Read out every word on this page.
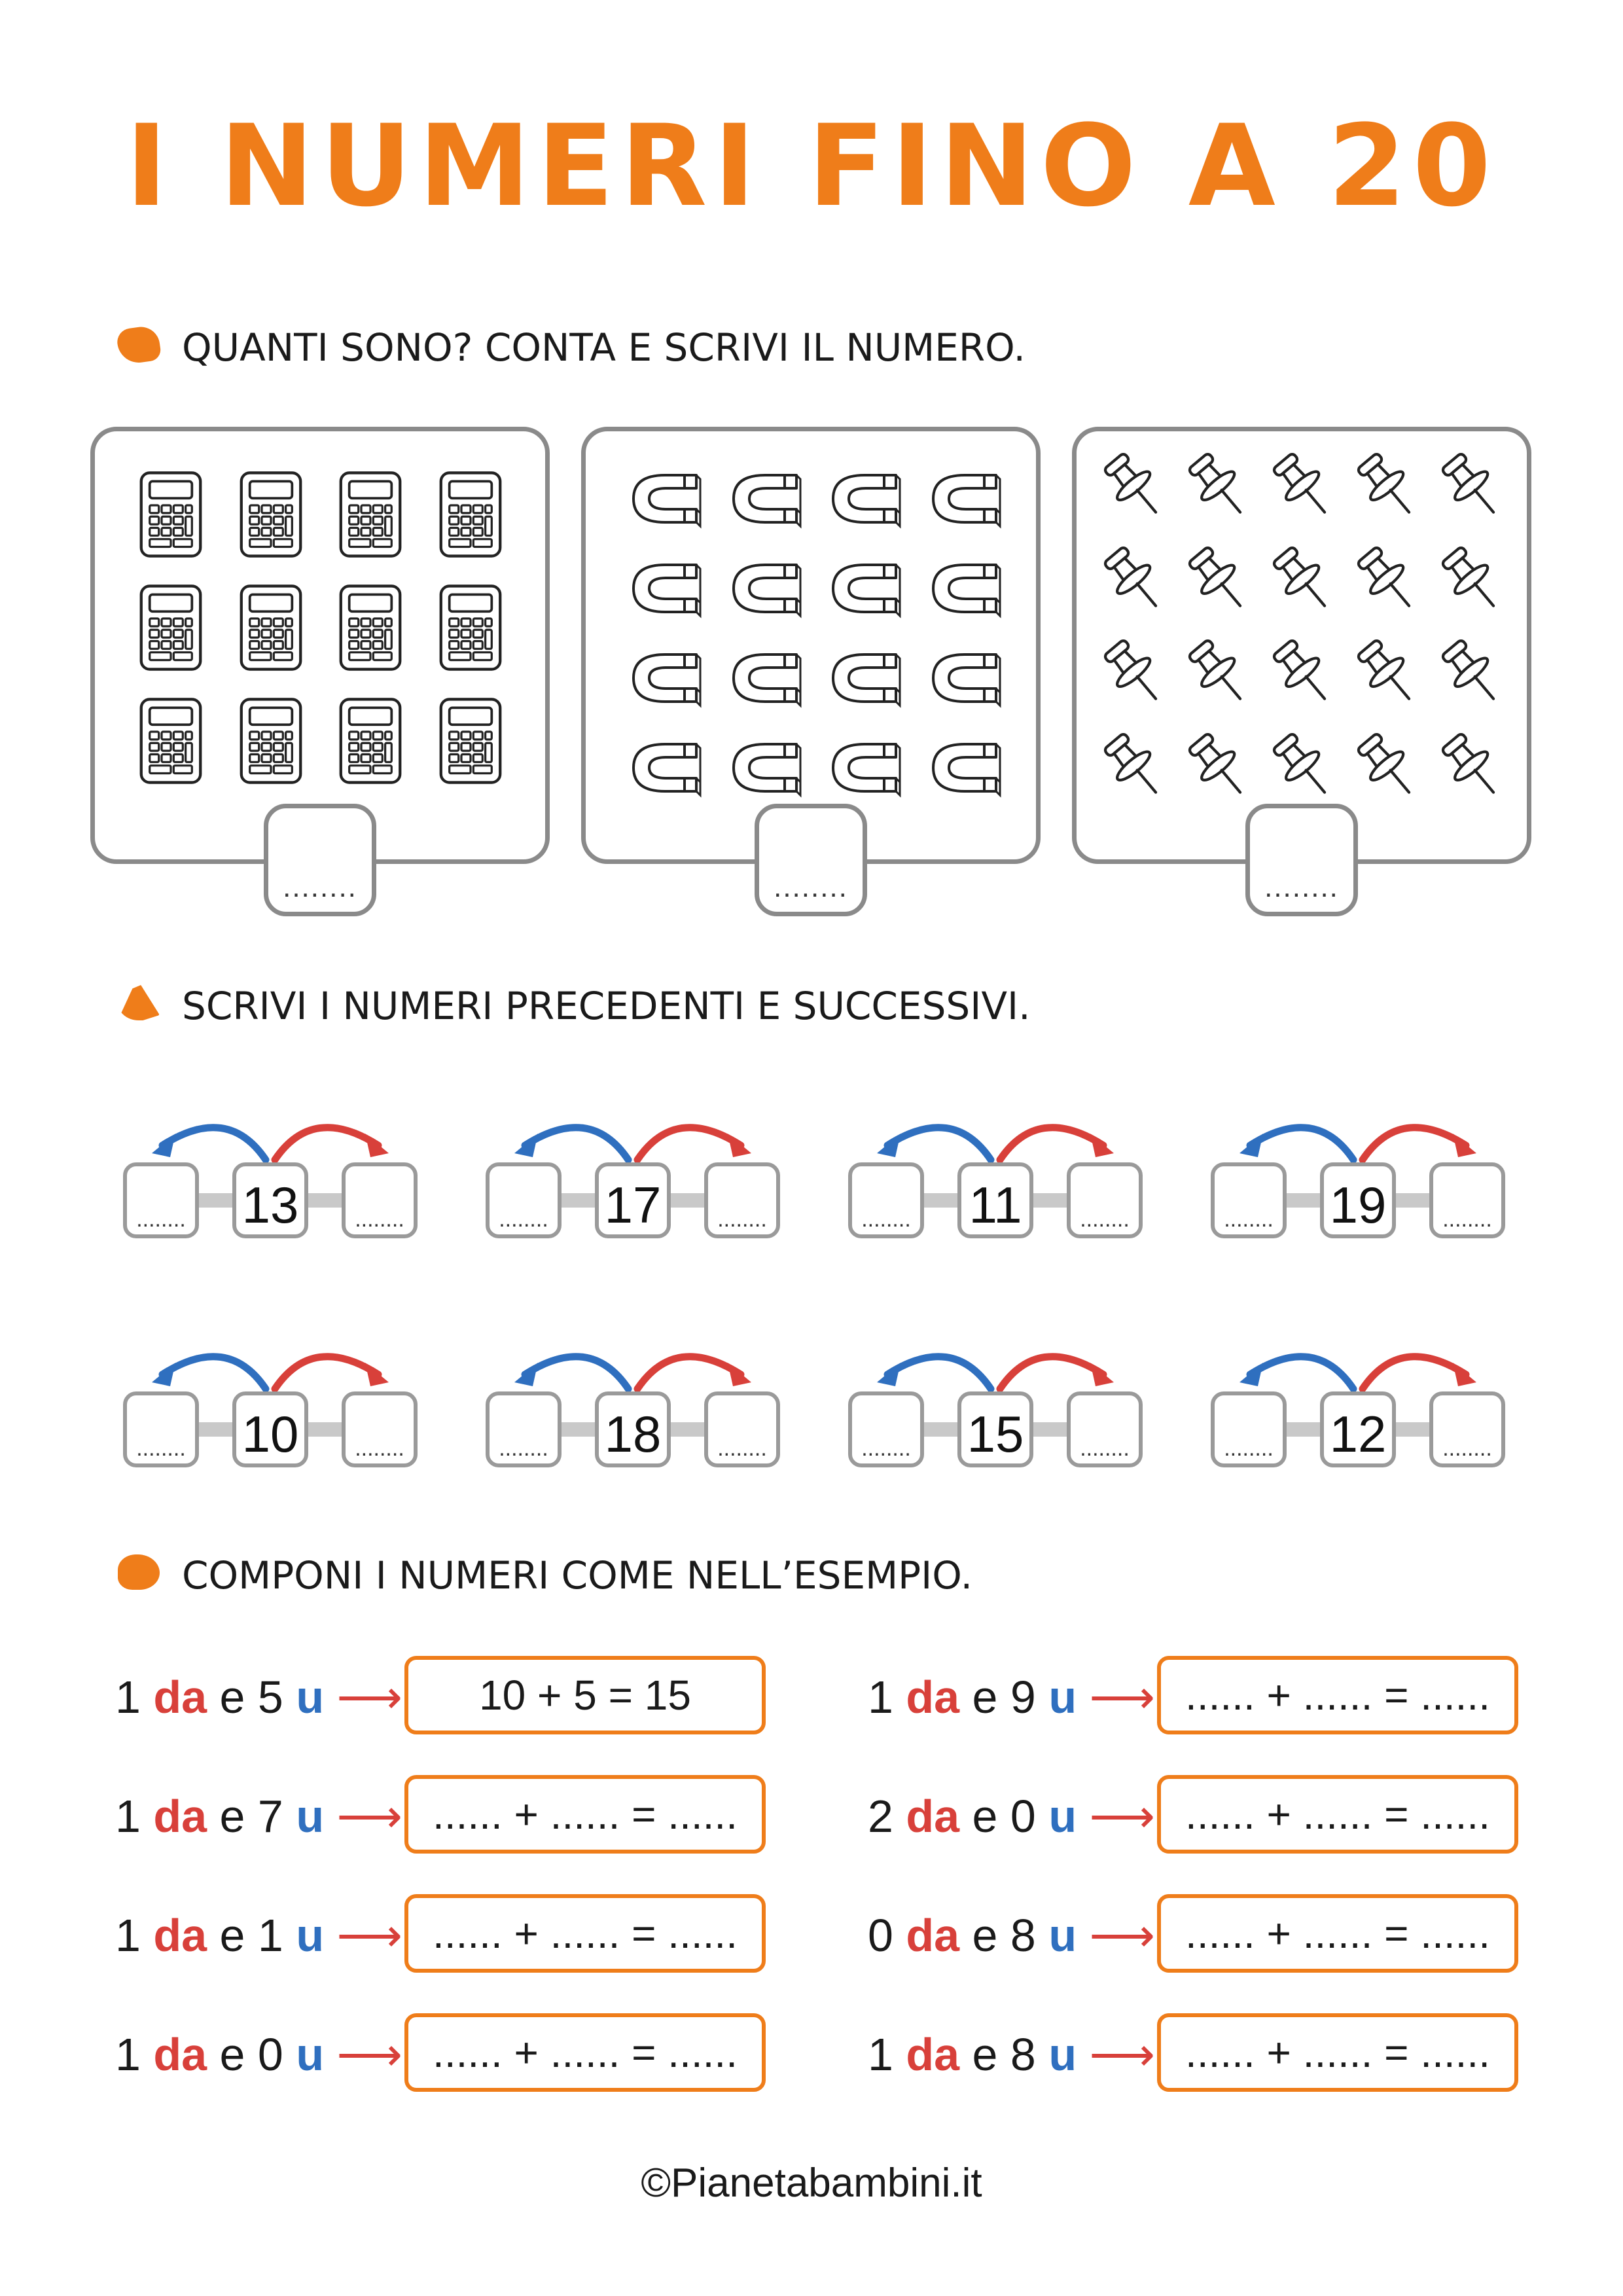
I NUMERI FINO A 20
QUANTI SONO? CONTA E SCRIVI IL NUMERO.
........	........	........
SCRIVI I NUMERI PRECEDENTI E SUCCESSIVI.
........ 13	........	........ 17	........	........ 11	........	........ 19	........
........ 10	........	........ 18	........	........ 15	........	........ 12	........
COMPONI I NUMERI COME NELL’ESEMPIO.
1 da e 5 u ⟶	10 + 5 = 15	1 da e 9 u ⟶ ...... + ...... = ......
1 da e 7 u ⟶ ...... + ...... = ......	2 da e 0 u ⟶ ...... + ...... = ......
1 da e 1 u ⟶ ...... + ...... = ......	0 da e 8 u ⟶ ...... + ...... = ......
1 da e 0 u ⟶ ...... + ...... = ......	1 da e 8 u ⟶ ...... + ...... = ......
©Pianetabambini.it
